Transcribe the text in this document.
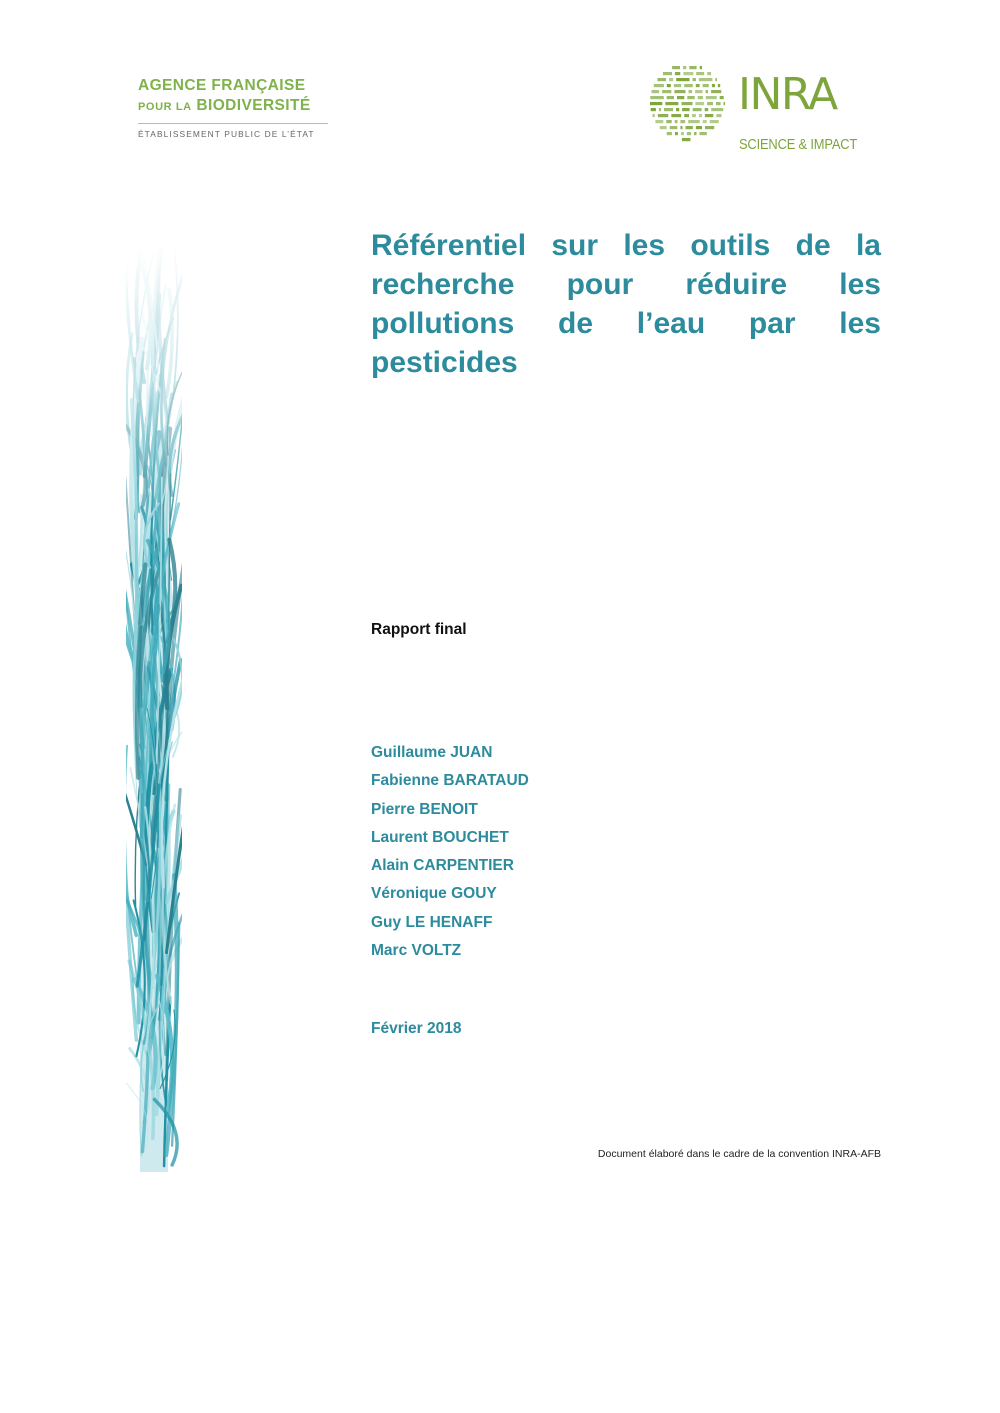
AGENCE FRANÇAISE
POUR LA BIODIVERSITÉ
ÉTABLISSEMENT PUBLIC DE L’ÉTAT
INRA
SCIENCE & IMPACT
Référentiel sur les outils de la recherche pour réduire les pollutions de l’eau par les pesticides
Rapport final
Guillaume JUAN
Fabienne BARATAUD
Pierre BENOIT
Laurent BOUCHET
Alain CARPENTIER
Véronique GOUY
Guy LE HENAFF
Marc VOLTZ
Février 2018
Document élaboré dans le cadre de la convention INRA-AFB
